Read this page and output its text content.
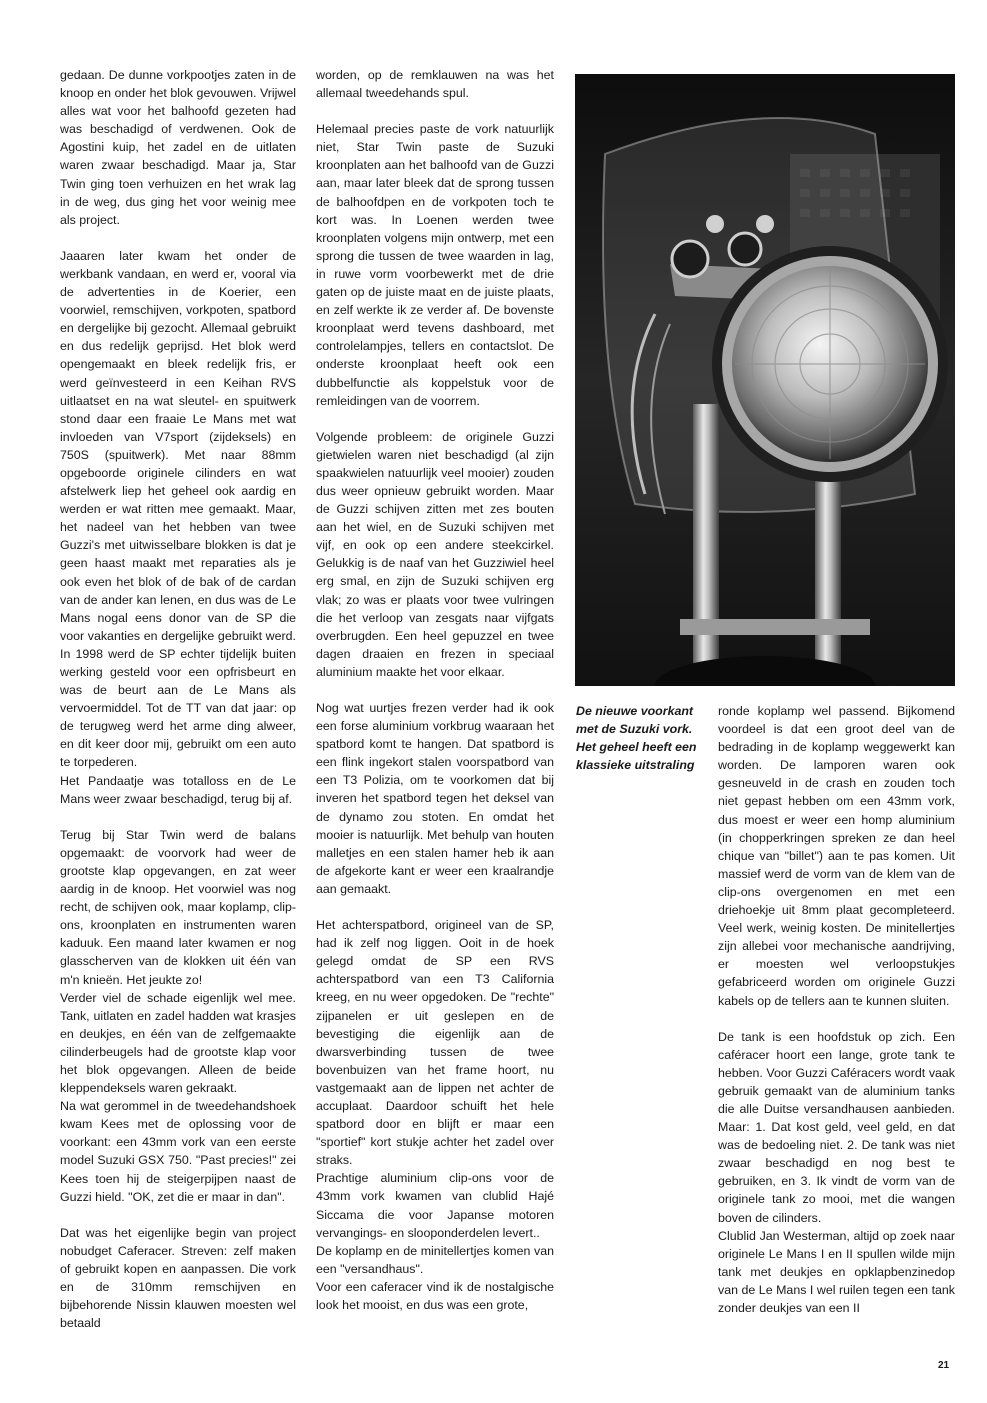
gedaan. De dunne vorkpootjes zaten in de knoop en onder het blok gevouwen. Vrijwel alles wat voor het balhoofd gezeten had was beschadigd of verdwenen. Ook de Agostini kuip, het zadel en de uitlaten waren zwaar beschadigd. Maar ja, Star Twin ging toen verhuizen en het wrak lag in de weg, dus ging het voor weinig mee als project.

Jaaaren later kwam het onder de werkbank vandaan, en werd er, vooral via de advertenties in de Koerier, een voorwiel, remschijven, vorkpoten, spatbord en dergelijke bij gezocht. Allemaal gebruikt en dus redelijk geprijsd. Het blok werd opengemaakt en bleek redelijk fris, er werd geïnvesteerd in een Keihan RVS uitlaatset en na wat sleutel- en spuitwerk stond daar een fraaie Le Mans met wat invloeden van V7sport (zijdeksels) en 750S (spuitwerk). Met naar 88mm opgeboorde originele cilinders en wat afstelwerk liep het geheel ook aardig en werden er wat ritten mee gemaakt. Maar, het nadeel van het hebben van twee Guzzi's met uitwisselbare blokken is dat je geen haast maakt met reparaties als je ook even het blok of de bak of de cardan van de ander kan lenen, en dus was de Le Mans nogal eens donor van de SP die voor vakanties en dergelijke gebruikt werd. In 1998 werd de SP echter tijdelijk buiten werking gesteld voor een opfrisbeurt en was de beurt aan de Le Mans als vervoermiddel. Tot de TT van dat jaar: op de terugweg werd het arme ding alweer, en dit keer door mij, gebruikt om een auto te torpederen.

Het Pandaatje was totalloss en de Le Mans weer zwaar beschadigd, terug bij af.

Terug bij Star Twin werd de balans opgemaakt: de voorvork had weer de grootste klap opgevangen, en zat weer aardig in de knoop. Het voorwiel was nog recht, de schijven ook, maar koplamp, clip-ons, kroonplaten en instrumenten waren kaduuk. Een maand later kwamen er nog glasscherven van de klokken uit één van m'n knieën. Het jeukte zo!

Verder viel de schade eigenlijk wel mee. Tank, uitlaten en zadel hadden wat krasjes en deukjes, en één van de zelfgemaakte cilinderbeugels had de grootste klap voor het blok opgevangen. Alleen de beide kleppendeksels waren gekraakt.

Na wat gerommel in de tweedehandshoek kwam Kees met de oplossing voor de voorkant: een 43mm vork van een eerste model Suzuki GSX 750. "Past precies!" zei Kees toen hij de steigerpijpen naast de Guzzi hield. "OK, zet die er maar in dan".

Dat was het eigenlijke begin van project nobudget Caferacer. Streven: zelf maken of gebruikt kopen en aanpassen. Die vork en de 310mm remschijven en bijbehorende Nissin klauwen moesten wel betaald

worden, op de remklauwen na was het allemaal tweedehands spul.

Helemaal precies paste de vork natuurlijk niet, Star Twin paste de Suzuki kroonplaten aan het balhoofd van de Guzzi aan, maar later bleek dat de sprong tussen de balhoofdpen en de vorkpoten toch te kort was. In Loenen werden twee kroonplaten volgens mijn ontwerp, met een sprong die tussen de twee waarden in lag, in ruwe vorm voorbewerkt met de drie gaten op de juiste maat en de juiste plaats, en zelf werkte ik ze verder af. De bovenste kroonplaat werd tevens dashboard, met controlelampjes, tellers en contactslot. De onderste kroonplaat heeft ook een dubbelfunctie als koppelstuk voor de remleidingen van de voorrem.

Volgende probleem: de originele Guzzi gietwielen waren niet beschadigd (al zijn spaakwielen natuurlijk veel mooier) zouden dus weer opnieuw gebruikt worden. Maar de Guzzi schijven zitten met zes bouten aan het wiel, en de Suzuki schijven met vijf, en ook op een andere steekcirkel. Gelukkig is de naaf van het Guzziwiel heel erg smal, en zijn de Suzuki schijven erg vlak; zo was er plaats voor twee vulringen die het verloop van zesgats naar vijfgats overbrugden. Een heel gepuzzel en twee dagen draaien en frezen in speciaal aluminium maakte het voor elkaar.

Nog wat uurtjes frezen verder had ik ook een forse aluminium vorkbrug waaraan het spatbord komt te hangen. Dat spatbord is een flink ingekort stalen voorspatbord van een T3 Polizia, om te voorkomen dat bij inveren het spatbord tegen het deksel van de dynamo zou stoten. En omdat het mooier is natuurlijk. Met behulp van houten malletjes en een stalen hamer heb ik aan de afgekorte kant er weer een kraalrandje aan gemaakt.

Het achterspatbord, origineel van de SP, had ik zelf nog liggen. Ooit in de hoek gelegd omdat de SP een RVS achterspatbord van een T3 California kreeg, en nu weer opgedoken. De "rechte" zijpanelen er uit geslepen en de bevestiging die eigenlijk aan de dwarsverbinding tussen de twee bovenbuizen van het frame hoort, nu vastgemaakt aan de lippen net achter de accuplaat. Daardoor schuift het hele spatbord door en blijft er maar een "sportief" kort stukje achter het zadel over straks.

Prachtige aluminium clip-ons voor de 43mm vork kwamen van clublid Hajé Siccama die voor Japanse motoren vervangings- en slooponderdelen levert..

De koplamp en de minitellertjes komen van een "versandhaus".

Voor een caferacer vind ik de nostalgische look het mooist, en dus was een grote,

De nieuwe voorkant met de Suzuki vork. Het geheel heeft een klassieke uitstraling

ronde koplamp wel passend. Bijkomend voordeel is dat een groot deel van de bedrading in de koplamp weggewerkt kan worden. De lamporen waren ook gesneuveld in de crash en zouden toch niet gepast hebben om een 43mm vork, dus moest er weer een homp aluminium (in chopperkringen spreken ze dan heel chique van "billet") aan te pas komen. Uit massief werd de vorm van de klem van de clip-ons overgenomen en met een driehoekje uit 8mm plaat gecompleteerd. Veel werk, weinig kosten. De minitellertjes zijn allebei voor mechanische aandrijving, er moesten wel verloopstukjes gefabriceerd worden om originele Guzzi kabels op de tellers aan te kunnen sluiten.

De tank is een hoofdstuk op zich. Een caféracer hoort een lange, grote tank te hebben. Voor Guzzi Caféracers wordt vaak gebruik gemaakt van de aluminium tanks die alle Duitse versandhausen aanbieden. Maar: 1. Dat kost geld, veel geld, en dat was de bedoeling niet. 2. De tank was niet zwaar beschadigd en nog best te gebruiken, en 3. Ik vindt de vorm van de originele tank zo mooi, met die wangen boven de cilinders.

Clublid Jan Westerman, altijd op zoek naar originele Le Mans I en II spullen wilde mijn tank met deukjes en opklapbenzinedop van de Le Mans I wel ruilen tegen een tank zonder deukjes van een II

21
